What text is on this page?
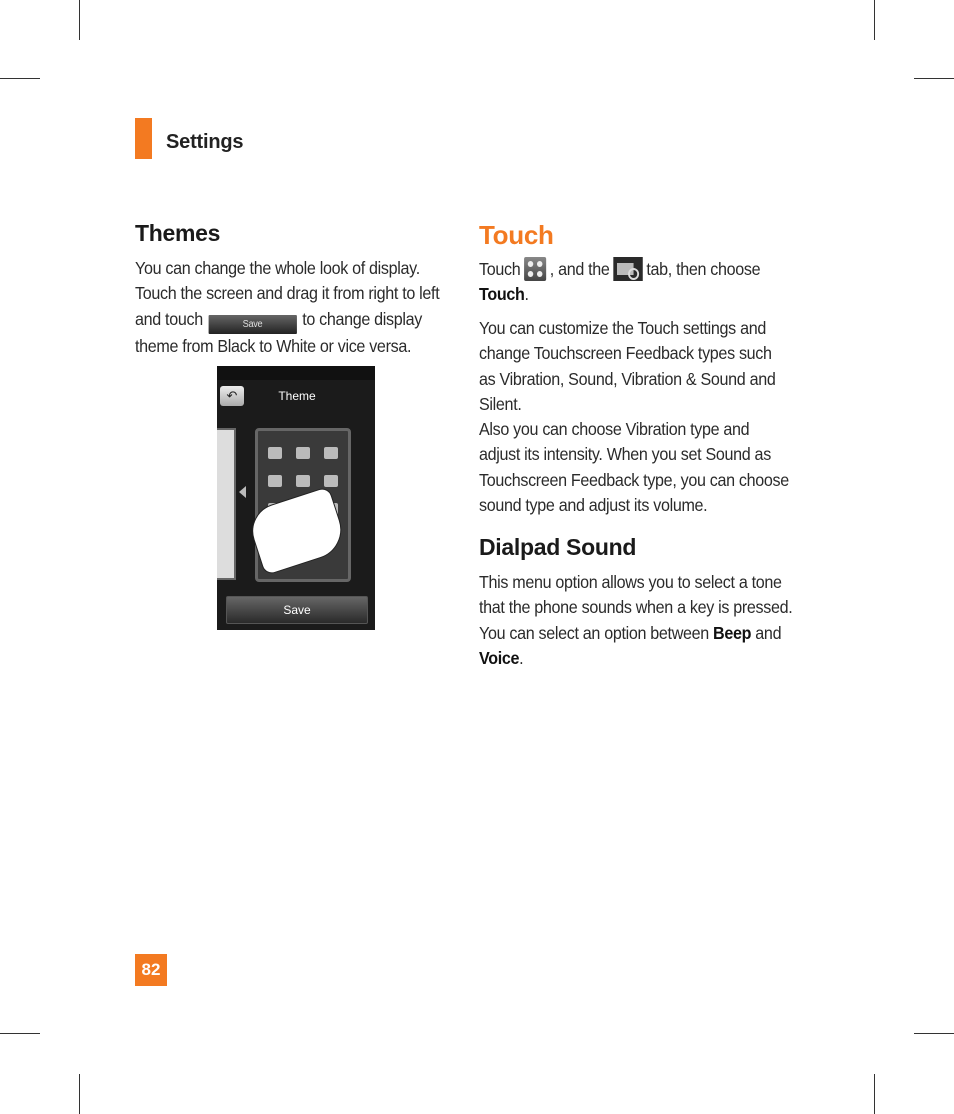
Settings
Themes
You can change the whole look of display.
Touch the screen and drag it from right to left
and touch	Save to change display
theme from Black to White or vice versa.
↶	Theme
Save
Touch
Touch , and the tab, then choose
Touch.
You can customize the Touch settings and
change Touchscreen Feedback types such
as Vibration, Sound, Vibration & Sound and
Silent.
Also you can choose Vibration type and
adjust its intensity. When you set Sound as
Touchscreen Feedback type, you can choose
sound type and adjust its volume.
Dialpad Sound
This menu option allows you to select a tone
that the phone sounds when a key is pressed.
You can select an option between Beep and
Voice.
82
